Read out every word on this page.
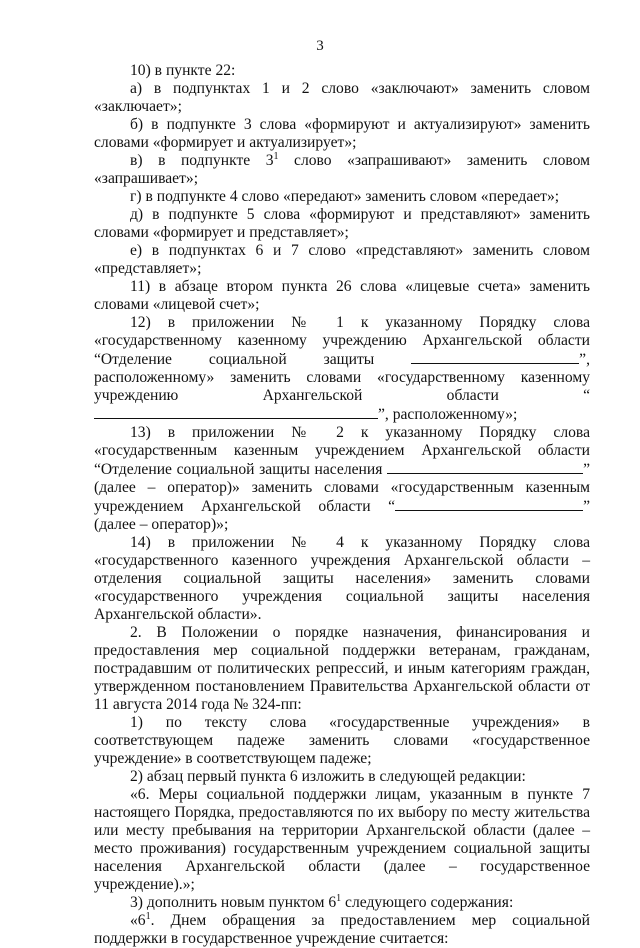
3

10) в пункте 22:

а) в подпунктах 1 и 2 слово «заключают» заменить словом «заключает»;

б) в подпункте 3 слова «формируют и актуализируют» заменить словами «формирует и актуализирует»;

в) в подпункте $3^1$ слово «запрашивают» заменить словом «запрашивает»;

г) в подпункте 4 слово «передают» заменить словом «передает»;

д) в подпункте 5 слова «формируют и представляют» заменить словами «формирует и представляет»;

е) в подпунктах 6 и 7 слово «представляют» заменить словом «представляет»;

11) в абзаце втором пункта 26 слова «лицевые счета» заменить словами «лицевой счет»;

12) в приложении № 1 к указанному Порядку слова «государственному казенному учреждению Архангельской области “Отделение социальной защиты	”, расположенному» заменить словами «государственному казенному учреждению Архангельской области “”, расположенному»;

13) в приложении № 2 к указанному Порядку слова «государственным казенным учреждением Архангельской области “Отделение социальной защиты населения	” (далее – оператор)» заменить словами «государственным казенным учреждением Архангельской области “	” (далее – оператор)»;

14) в приложении № 4 к указанному Порядку слова «государственного казенного учреждения Архангельской области – отделения социальной защиты населения» заменить словами «государственного учреждения социальной защиты населения Архангельской области».

2. В Положении о порядке назначения, финансирования и предоставления мер социальной поддержки ветеранам, гражданам, пострадавшим от политических репрессий, и иным категориям граждан, утвержденном постановлением Правительства Архангельской области от 11 августа 2014 года № 324-пп:

1) по тексту слова «государственные учреждения» в соответствующем падеже заменить словами «государственное учреждение» в соответствующем падеже;

2) абзац первый пункта 6 изложить в следующей редакции:

«6. Меры социальной поддержки лицам, указанным в пункте 7 настоящего Порядка, предоставляются по их выбору по месту жительства или месту пребывания на территории Архангельской области (далее – место проживания) государственным учреждением социальной защиты населения Архангельской области (далее – государственное учреждение).»;

3) дополнить новым пунктом $6^1$ следующего содержания:

«$6^1$. Днем обращения за предоставлением мер социальной поддержки в государственное учреждение считается:
